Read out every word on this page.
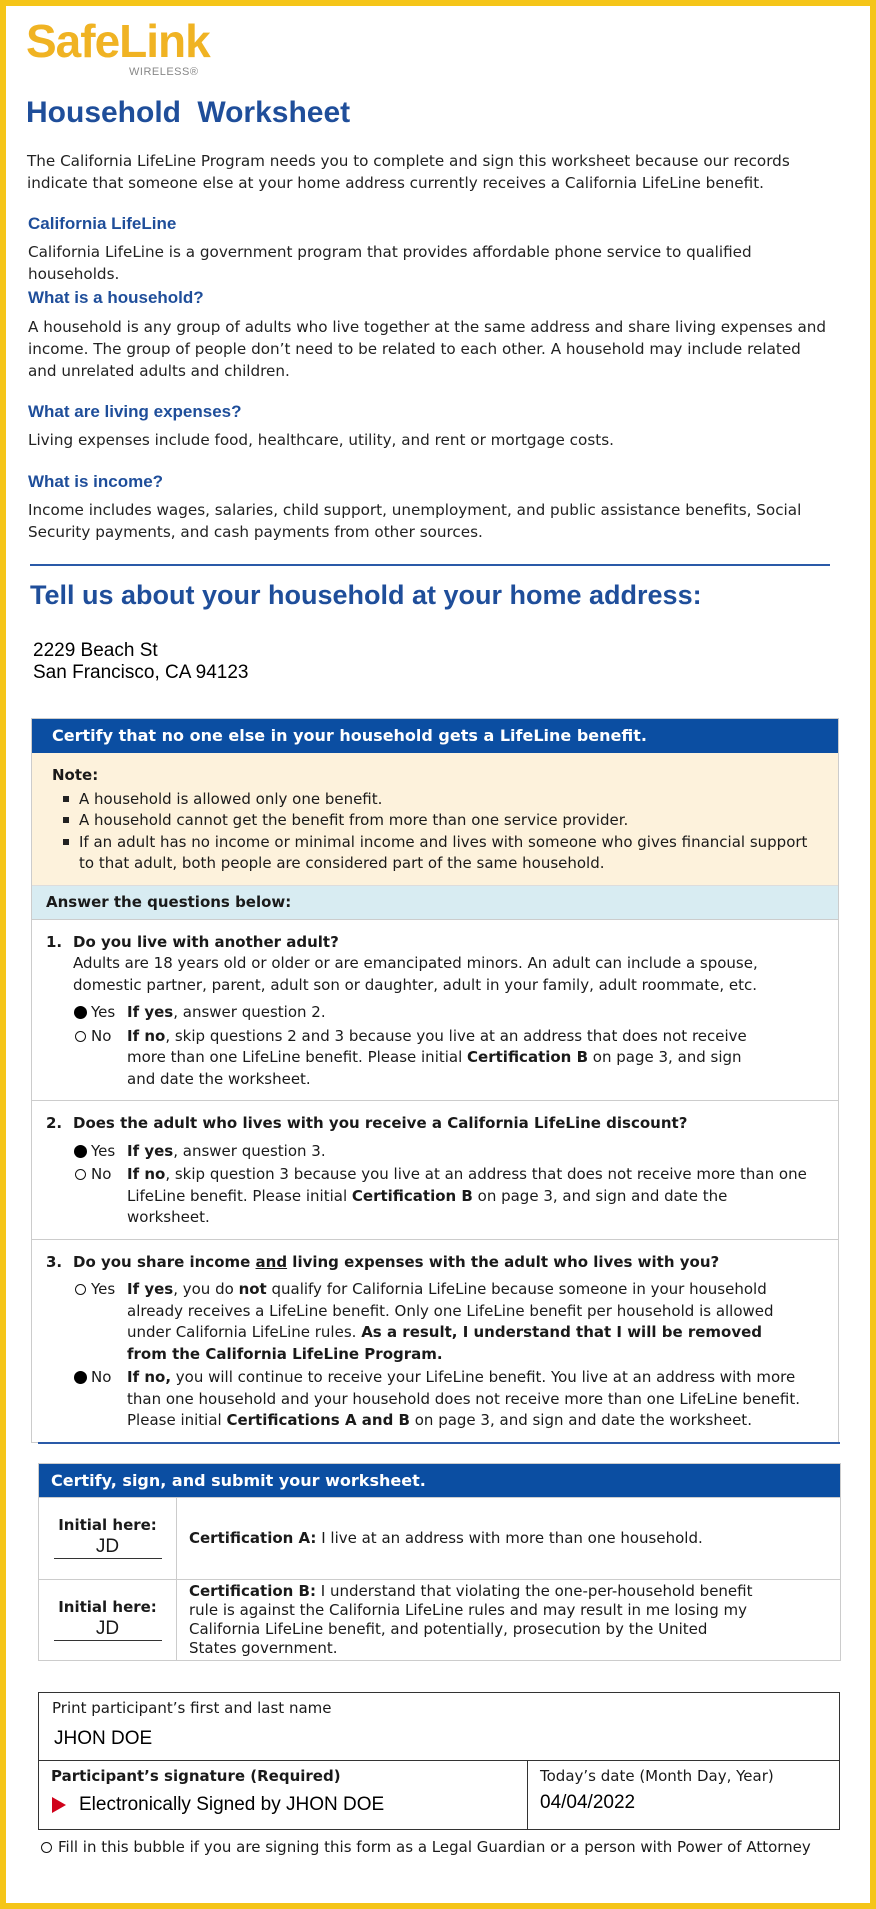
SafeLink
WIRELESS®
Household Worksheet
The California LifeLine Program needs you to complete and sign this worksheet because our records indicate that someone else at your home address currently receives a California LifeLine benefit.
California LifeLine
California LifeLine is a government program that provides affordable phone service to qualified households.
What is a household?
A household is any group of adults who live together at the same address and share living expenses and income. The group of people don’t need to be related to each other. A household may include related and unrelated adults and children.
What are living expenses?
Living expenses include food, healthcare, utility, and rent or mortgage costs.
What is income?
Income includes wages, salaries, child support, unemployment, and public assistance benefits, Social Security payments, and cash payments from other sources.
Tell us about your household at your home address:
2229 Beach St
San Francisco, CA 94123
Certify that no one else in your household gets a LifeLine benefit.
Note:
A household is allowed only one benefit.
A household cannot get the benefit from more than one service provider.
If an adult has no income or minimal income and lives with someone who gives financial support to that adult, both people are considered part of the same household.
Answer the questions below:
1. Do you live with another adult?
Adults are 18 years old or older or are emancipated minors. An adult can include a spouse, domestic partner, parent, adult son or daughter, adult in your family, adult roommate, etc.
Yes If yes, answer question 2.
No If no, skip questions 2 and 3 because you live at an address that does not receive more than one LifeLine benefit. Please initial Certification B on page 3, and sign and date the worksheet.
2. Does the adult who lives with you receive a California LifeLine discount?
Yes If yes, answer question 3.
No If no, skip question 3 because you live at an address that does not receive more than one LifeLine benefit. Please initial Certification B on page 3, and sign and date the worksheet.
3. Do you share income and living expenses with the adult who lives with you?
Yes If yes, you do not qualify for California LifeLine because someone in your household already receives a LifeLine benefit. Only one LifeLine benefit per household is allowed under California LifeLine rules. As a result, I understand that I will be removed from the California LifeLine Program.
No If no, you will continue to receive your LifeLine benefit. You live at an address with more than one household and your household does not receive more than one LifeLine benefit. Please initial Certifications A and B on page 3, and sign and date the worksheet.
Certify, sign, and submit your worksheet.
Initial here:
JD	Certification A: I live at an address with more than one household.
Initial here:
JD
Certification B: I understand that violating the one-per-household benefit rule is against the California LifeLine rules and may result in me losing my California LifeLine benefit, and potentially, prosecution by the United States government.
Print participant’s first and last name
JHON DOE
Participant’s signature (Required)
Electronically Signed by JHON DOE
Today’s date (Month Day, Year)
04/04/2022
Fill in this bubble if you are signing this form as a Legal Guardian or a person with Power of Attorney
